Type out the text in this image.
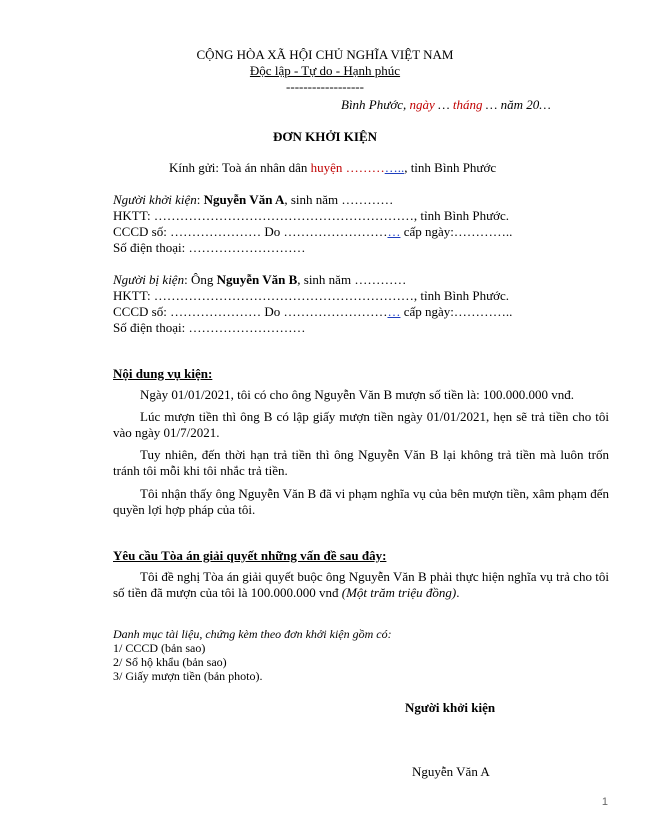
CỘNG HÒA XÃ HỘI CHỦ NGHĨA VIỆT NAM
Độc lập - Tự do - Hạnh phúc
------------------
Bình Phước, ngày … tháng … năm 20…
ĐƠN KHỞI KIỆN
Kính gửi: Toà án nhân dân huyện ………….., tỉnh Bình Phước
Người khởi kiện: Nguyễn Văn A, sinh năm …………
HKTT: ……………………………………………………, tỉnh Bình Phước.
CCCD số: ………………… Do ……………………… cấp ngày:…………..
Số điện thoại: ………………………
Người bị kiện: Ông Nguyễn Văn B, sinh năm …………
HKTT: ……………………………………………………, tỉnh Bình Phước.
CCCD số: ………………… Do ……………………… cấp ngày:…………..
Số điện thoại: ………………………
Nội dung vụ kiện:
Ngày 01/01/2021, tôi có cho ông Nguyễn Văn B mượn số tiền là: 100.000.000 vnđ.
Lúc mượn tiền thì ông B có lập giấy mượn tiền ngày 01/01/2021, hẹn sẽ trả tiền cho tôi vào ngày 01/7/2021.
Tuy nhiên, đến thời hạn trả tiền thì ông Nguyễn Văn B lại không trả tiền mà luôn trốn tránh tôi mỗi khi tôi nhắc trả tiền.
Tôi nhận thấy ông Nguyễn Văn B đã vi phạm nghĩa vụ của bên mượn tiền, xâm phạm đến quyền lợi hợp pháp của tôi.
Yêu cầu Tòa án giải quyết những vấn đề sau đây:
Tôi đề nghị Tòa án giải quyết buộc ông Nguyễn Văn B phải thực hiện nghĩa vụ trả cho tôi số tiền đã mượn của tôi là 100.000.000 vnđ (Một trăm triệu đồng).
Danh mục tài liệu, chứng kèm theo đơn khởi kiện gồm có:
1/ CCCD (bản sao)
2/ Sổ hộ khẩu (bản sao)
3/ Giấy mượn tiền (bản photo).
Người khởi kiện
Nguyễn Văn A
1
